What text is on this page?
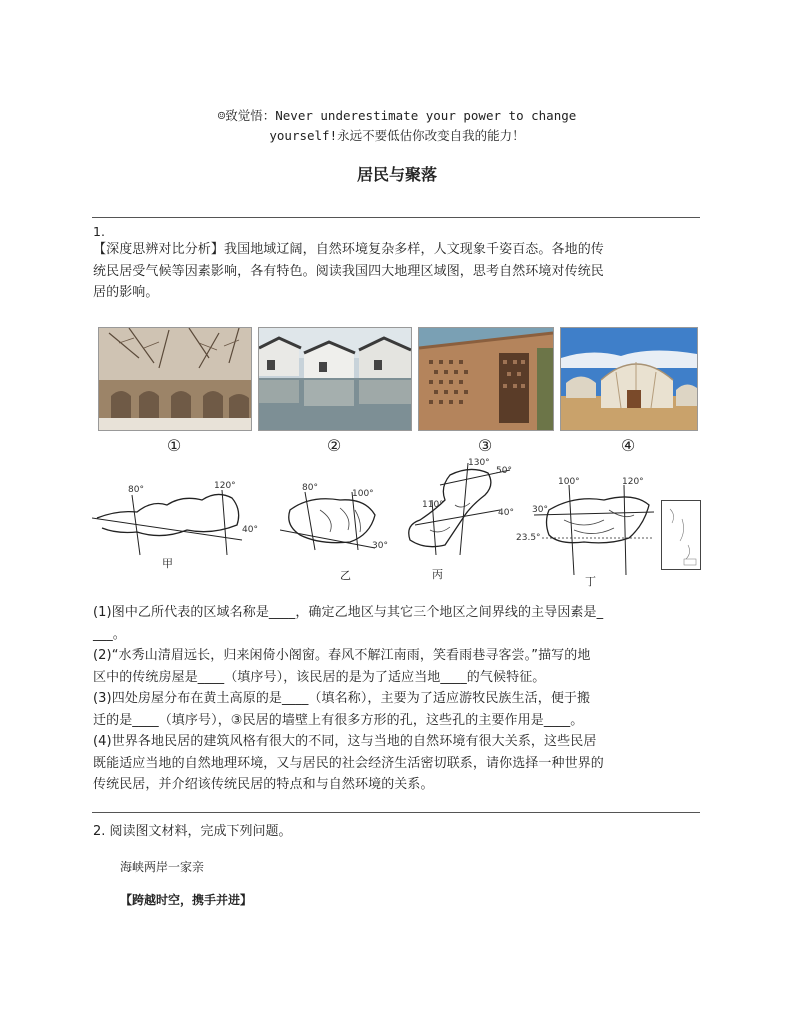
☺致觉悟：Never underestimate your power to change
yourself!永远不要低估你改变自我的能力！
居民与聚落
1.
【深度思辨对比分析】我国地域辽阔，自然环境复杂多样，人文现象千姿百态。各地的传
统民居受气候等因素影响，各有特色。阅读我国四大地理区域图，思考自然环境对传统民
居的影响。
①	②	③	④
80°	120°
40°
甲
80°
100°
30°
乙
130°
50°
110°
40°
丙
100°	120°
30°
23.5°
丁
(1)图中乙所代表的区域名称是____，确定乙地区与其它三个地区之间界线的主导因素是_
___。
(2)“水秀山清眉远长，归来闲倚小阁窗。春风不解江南雨，笑看雨巷寻客尝。”描写的地
区中的传统房屋是____（填序号），该民居的是为了适应当地____的气候特征。
(3)四处房屋分布在黄土高原的是____（填名称），主要为了适应游牧民族生活，便于搬
迁的是____（填序号），③民居的墙壁上有很多方形的孔，这些孔的主要作用是____。
(4)世界各地民居的建筑风格有很大的不同，这与当地的自然环境有很大关系，这些民居
既能适应当地的自然地理环境，又与居民的社会经济生活密切联系，请你选择一种世界的
传统民居，并介绍该传统民居的特点和与自然环境的关系。
2. 阅读图文材料，完成下列问题。
海峡两岸一家亲
【跨越时空，携手并进】
